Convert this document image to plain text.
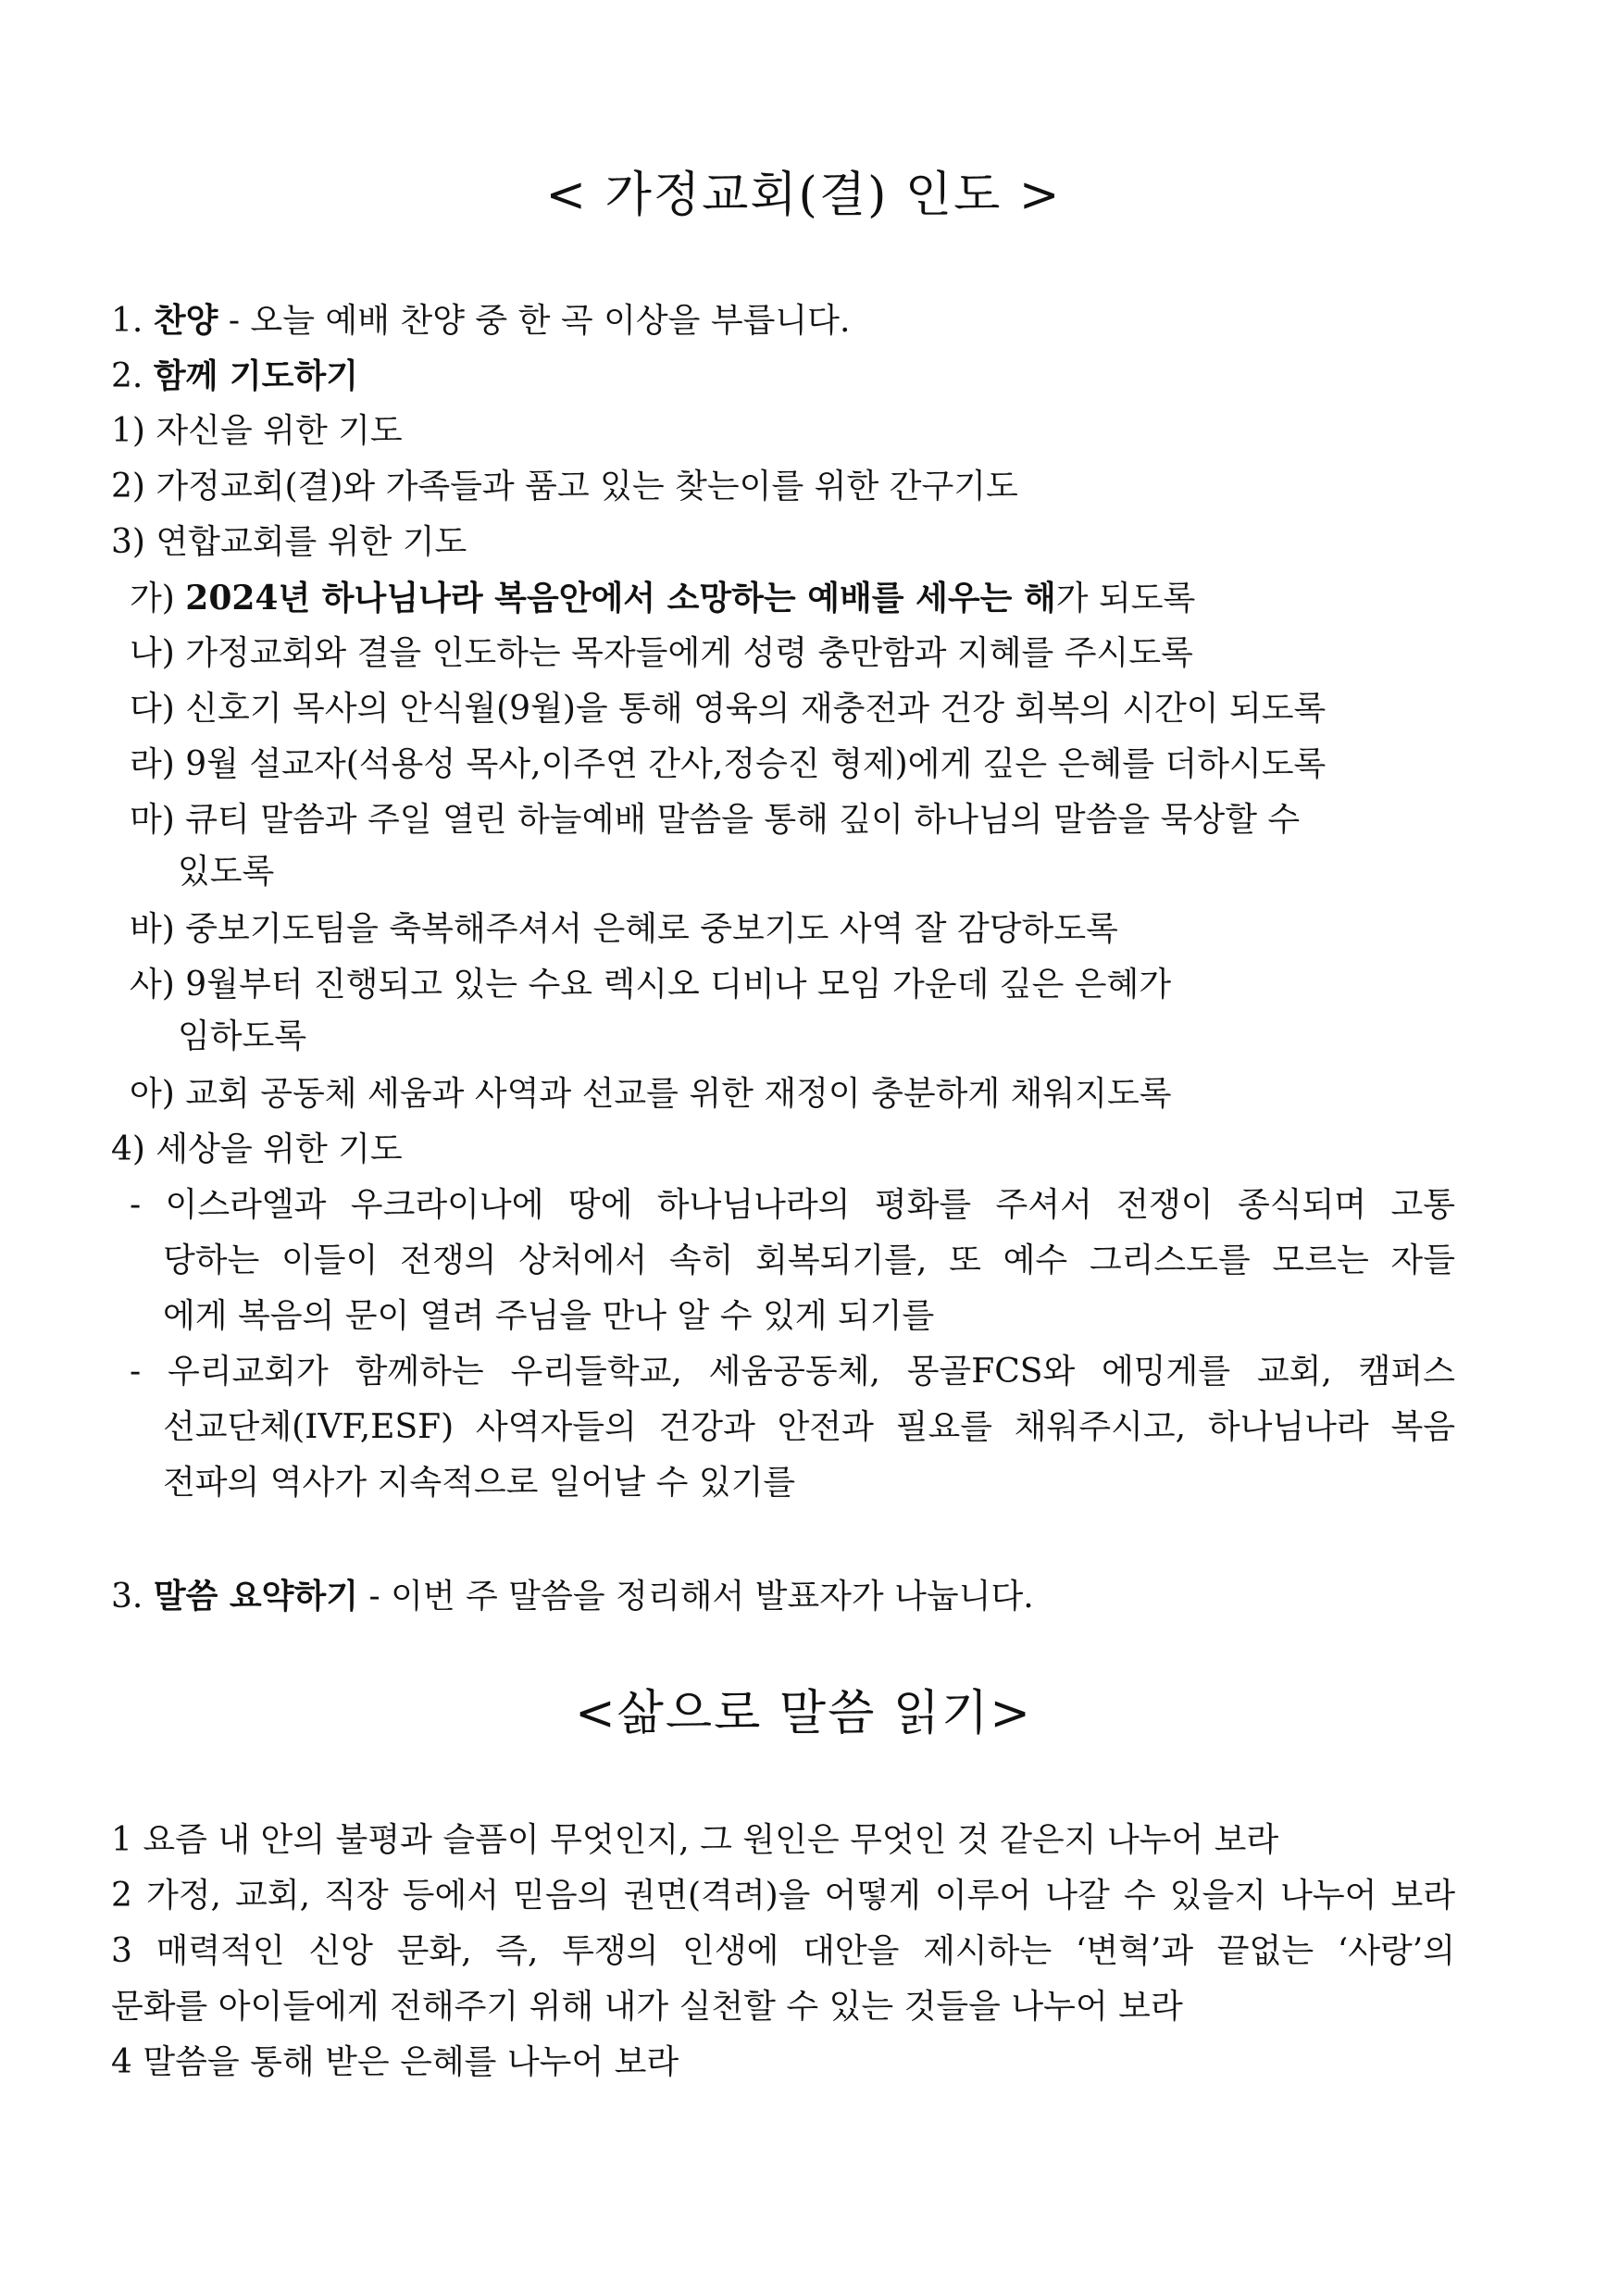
< 가정교회(결) 인도 >
1. 찬양 - 오늘 예배 찬양 중 한 곡 이상을 부릅니다.
2. 함께 기도하기
1) 자신을 위한 기도
2) 가정교회(결)와 가족들과 품고 있는 찾는이를 위한 간구기도
3) 연합교회를 위한 기도
가) 2024년 하나님나라 복음안에서 소망하는 예배를 세우는 해가 되도록
나) 가정교회와 결을 인도하는 목자들에게 성령 충만함과 지혜를 주시도록
다) 신호기 목사의 안식월(9월)을 통해 영육의 재충전과 건강 회복의 시간이 되도록
라) 9월 설교자(석용성 목사,이주연 간사,정승진 형제)에게 깊은 은혜를 더하시도록
마) 큐티 말씀과 주일 열린 하늘예배 말씀을 통해 깊이 하나님의 말씀을 묵상할 수
있도록
바) 중보기도팀을 축복해주셔서 은혜로 중보기도 사역 잘 감당하도록
사) 9월부터 진행되고 있는 수요 렉시오 디비나 모임 가운데 깊은 은혜가
임하도록
아) 교회 공동체 세움과 사역과 선교를 위한 재정이 충분하게 채워지도록
4) 세상을 위한 기도
- 이스라엘과 우크라이나에 땅에 하나님나라의 평화를 주셔서 전쟁이 종식되며 고통
당하는 이들이 전쟁의 상처에서 속히 회복되기를, 또 예수 그리스도를 모르는 자들
에게 복음의 문이 열려 주님을 만나 알 수 있게 되기를
- 우리교회가 함께하는 우리들학교, 세움공동체, 몽골FCS와 에밍게를 교회, 캠퍼스
선교단체(IVF,ESF) 사역자들의 건강과 안전과 필요를 채워주시고, 하나님나라 복음
전파의 역사가 지속적으로 일어날 수 있기를
3. 말씀 요약하기 - 이번 주 말씀을 정리해서 발표자가 나눕니다.
<삶으로 말씀 읽기>
1 요즘 내 안의 불평과 슬픔이 무엇인지, 그 원인은 무엇인 것 같은지 나누어 보라
2 가정, 교회, 직장 등에서 믿음의 권면(격려)을 어떻게 이루어 나갈 수 있을지 나누어 보라
3 매력적인 신앙 문화, 즉, 투쟁의 인생에 대안을 제시하는 ‘변혁’과 끝없는 ‘사랑’의
문화를 아이들에게 전해주기 위해 내가 실천할 수 있는 것들을 나누어 보라
4 말씀을 통해 받은 은혜를 나누어 보라
